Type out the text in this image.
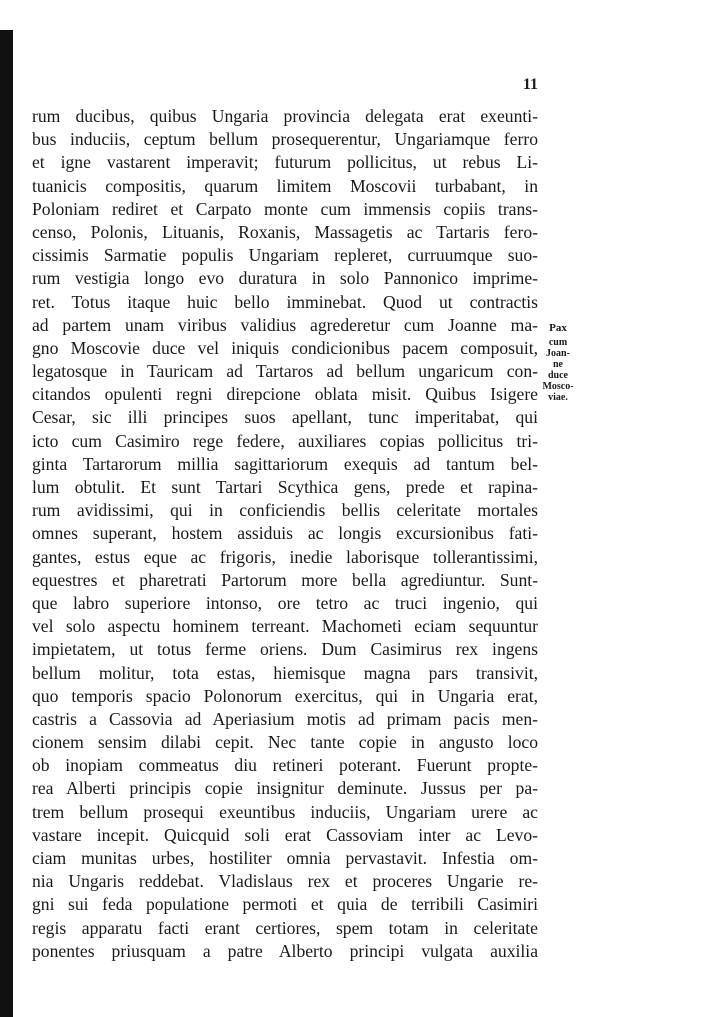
11
rum ducibus, quibus Ungaria provincia delegata erat exeunti-
bus induciis, ceptum bellum prosequerentur, Ungariamque ferro
et igne vastarent imperavit; futurum pollicitus, ut rebus Li-
tuanicis compositis, quarum limitem Moscovii turbabant, in
Poloniam rediret et Carpato monte cum immensis copiis trans-
censo, Polonis, Lituanis, Roxanis, Massagetis ac Tartaris fero-
cissimis Sarmatie populis Ungariam repleret, curruumque suo-
rum vestigia longo evo duratura in solo Pannonico imprime-
ret. Totus itaque huic bello imminebat. Quod ut contractis
ad partem unam viribus validius agrederetur cum Joanne ma-
gno Moscovie duce vel iniquis condicionibus pacem composuit,
legatosque in Tauricam ad Tartaros ad bellum ungaricum con-
citandos opulenti regni direpcione oblata misit. Quibus Isigere
Cesar, sic illi principes suos apellant, tunc imperitabat, qui
icto cum Casimiro rege federe, auxiliares copias pollicitus tri-
ginta Tartarorum millia sagittariorum exequis ad tantum bel-
lum obtulit. Et sunt Tartari Scythica gens, prede et rapina-
rum avidissimi, qui in conficiendis bellis celeritate mortales
omnes superant, hostem assiduis ac longis excursionibus fati-
gantes, estus eque ac frigoris, inedie laborisque tollerantissimi,
equestres et pharetrati Partorum more bella agrediuntur. Sunt-
que labro superiore intonso, ore tetro ac truci ingenio, qui
vel solo aspectu hominem terreant. Machometi eciam sequuntur
impietatem, ut totus ferme oriens. Dum Casimirus rex ingens
bellum molitur, tota estas, hiemisque magna pars transivit,
quo temporis spacio Polonorum exercitus, qui in Ungaria erat,
castris a Cassovia ad Aperiasium motis ad primam pacis men-
cionem sensim dilabi cepit. Nec tante copie in angusto loco
ob inopiam commeatus diu retineri poterant. Fuerunt propte-
rea Alberti principis copie insignitur deminute. Jussus per pa-
trem bellum prosequi exeuntibus induciis, Ungariam urere ac
vastare incepit. Quicquid soli erat Cassoviam inter ac Levo-
ciam munitas urbes, hostiliter omnia pervastavit. Infestia om-
nia Ungaris reddebat. Vladislaus rex et proceres Ungarie re-
gni sui feda populatione permoti et quia de terribili Casimiri
regis apparatu facti erant certiores, spem totam in celeritate
ponentes priusquam a patre Alberto principi vulgata auxilia
Pax
cum
Joan-
ne
duce
Mosco-
viae.
